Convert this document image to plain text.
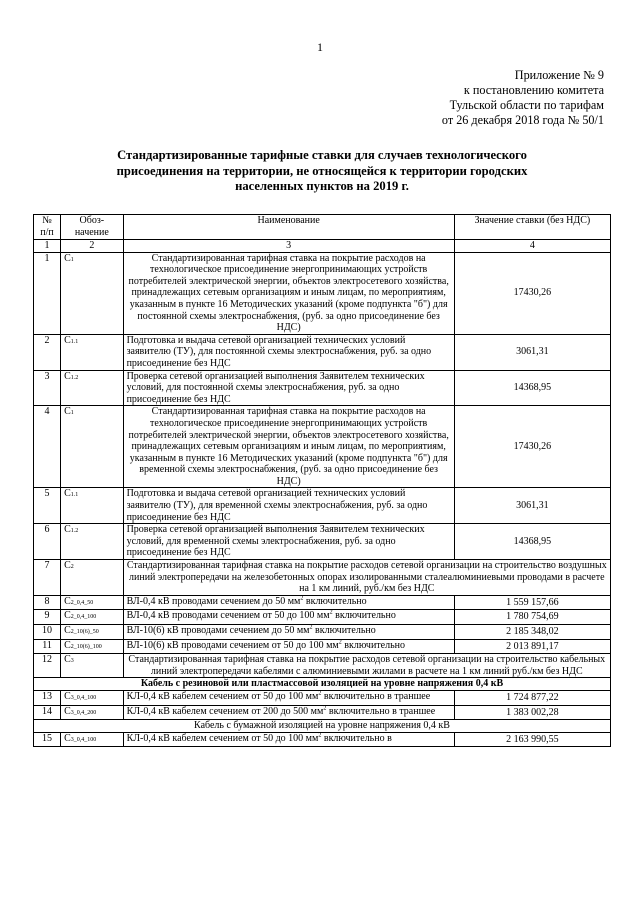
1
Приложение № 9
к постановлению комитета
Тульской области по тарифам
от 26 декабря 2018 года № 50/1
Стандартизированные тарифные ставки для случаев технологического присоединения на территории, не относящейся к территории городских населенных пунктов на 2019 г.
№ п/п	Обоз-начение	Наименование	Значение ставки (без НДС)
1	2	3	4
1	С1	Стандартизированная тарифная ставка на покрытие расходов на технологическое присоединение энергопринимающих устройств потребителей электрической энергии, объектов электросетевого хозяйства, принадлежащих сетевым организациям и иным лицам, по мероприятиям, указанным в пункте 16 Методических указаний (кроме подпункта "б") для постоянной схемы электроснабжения, (руб. за одно присоединение без НДС)	17430,26
2	С1.1	Подготовка и выдача сетевой организацией технических условий заявителю (ТУ), для постоянной схемы электроснабжения, руб. за одно присоединение без НДС	3061,31
3	С1.2	Проверка сетевой организацией выполнения Заявителем технических условий, для постоянной схемы электроснабжения, руб. за одно присоединение без НДС	14368,95
4	С1	Стандартизированная тарифная ставка на покрытие расходов на технологическое присоединение энергопринимающих устройств потребителей электрической энергии, объектов электросетевого хозяйства, принадлежащих сетевым организациям и иным лицам, по мероприятиям, указанным в пункте 16 Методических указаний (кроме подпункта "б") для временной схемы электроснабжения, (руб. за одно присоединение без НДС)	17430,26
5	С1.1	Подготовка и выдача сетевой организацией технических условий заявителю (ТУ), для временной схемы электроснабжения, руб. за одно присоединение без НДС	3061,31
6	С1.2	Проверка сетевой организацией выполнения Заявителем технических условий, для временной схемы электроснабжения, руб. за одно присоединение без НДС	14368,95
7	С2	Стандартизированная тарифная ставка на покрытие расходов сетевой организации на строительство воздушных линий электропередачи на железобетонных опорах изолированными сталеалюминиевыми проводами в расчете на 1 км линий, руб./км без НДС	
8	С2_0,4_50	ВЛ-0,4 кВ проводами сечением до 50 $мм^2$ включительно	1 559 157,66
9	С2_0,4_100	ВЛ-0,4 кВ проводами сечением от 50 до 100 $мм^2$ включительно	1 780 754,69
10	С2_10(6)_50	ВЛ-10(6) кВ проводами сечением до 50 $мм^2$ включительно	2 185 348,02
11	С2_10(6)_100	ВЛ-10(6) кВ проводами сечением от 50 до 100 $мм^2$ включительно	2 013 891,17
12	С3	Стандартизированная тарифная ставка на покрытие расходов сетевой организации на строительство кабельных линий электропередачи кабелями с алюминиевыми жилами в расчете на 1 км линий руб./км без НДС	
Кабель с резиновой или пластмассовой изоляцией на уровне напряжения 0,4 кВ			
13	С3_0,4_100	КЛ-0,4 кВ кабелем сечением от 50 до 100 $мм^2$ включительно в траншее	1 724 877,22
14	С3_0,4_200	КЛ-0,4 кВ кабелем сечением от 200 до 500 $мм^2$ включительно в траншее	1 383 002,28
Кабель с бумажной изоляцией на уровне напряжения 0,4 кВ			
15	С3_0,4_100	КЛ-0,4 кВ кабелем сечением от 50 до 100 $мм^2$ включительно в	2 163 990,55
